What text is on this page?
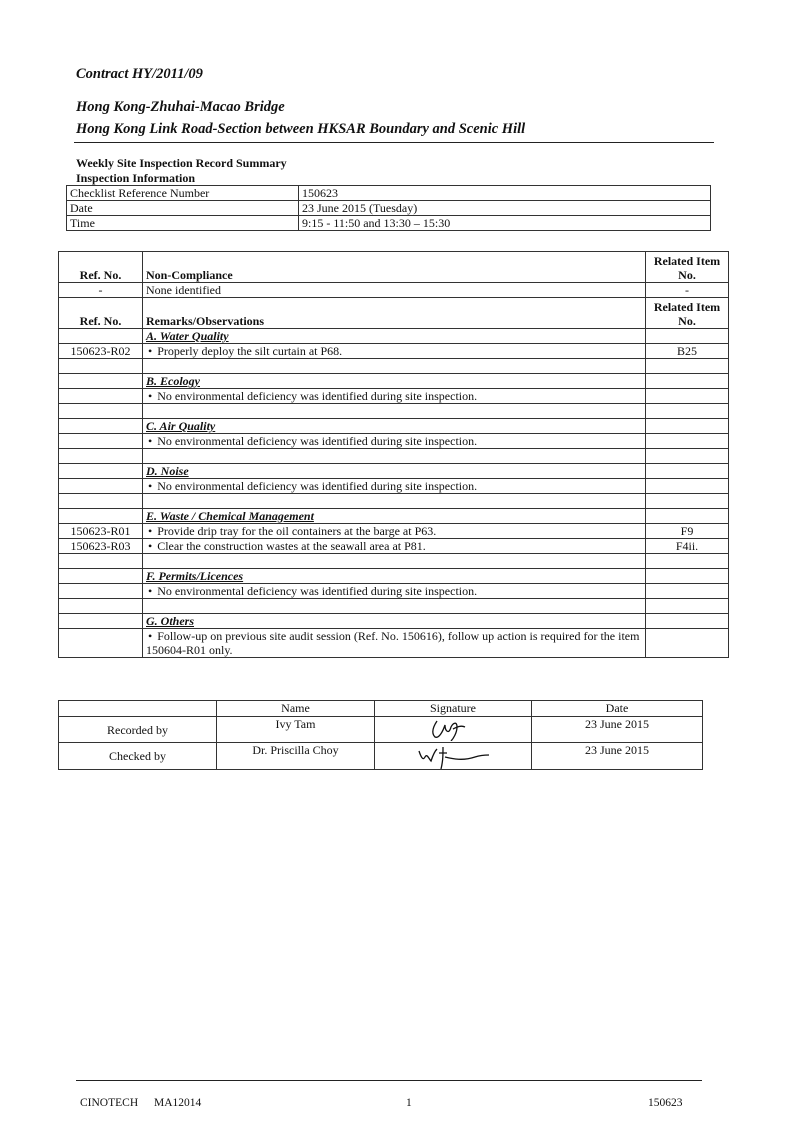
Contract HY/2011/09
Hong Kong-Zhuhai-Macao Bridge
Hong Kong Link Road-Section between HKSAR Boundary and Scenic Hill
Weekly Site Inspection Record Summary
Inspection Information
Checklist Reference Number	150623
Date	23 June 2015 (Tuesday)
Time	9:15 - 11:50 and 13:30 – 15:30
Ref. No.	Non-Compliance	Related Item No.
-	None identified	-
Ref. No.	Remarks/Observations	Related Item No.
	A. Water Quality	
150623-R02	• Properly deploy the silt curtain at P68.	B25

	B. Ecology	
	• No environmental deficiency was identified during site inspection.	

	C. Air Quality	
	• No environmental deficiency was identified during site inspection.	

	D. Noise	
	• No environmental deficiency was identified during site inspection.	

	E. Waste / Chemical Management	
150623-R01	• Provide drip tray for the oil containers at the barge at P63.	F9
150623-R03	• Clear the construction wastes at the seawall area at P81.	F4ii.

	F. Permits/Licences	
	• No environmental deficiency was identified during site inspection.	

	G. Others	
	• Follow-up on previous site audit session (Ref. No. 150616), follow up action is required for the item 150604-R01 only.	
	Name	Signature	Date
Recorded by	Ivy Tam		23 June 2015
Checked by	Dr. Priscilla Choy		23 June 2015
CINOTECH MA12014	1	150623
